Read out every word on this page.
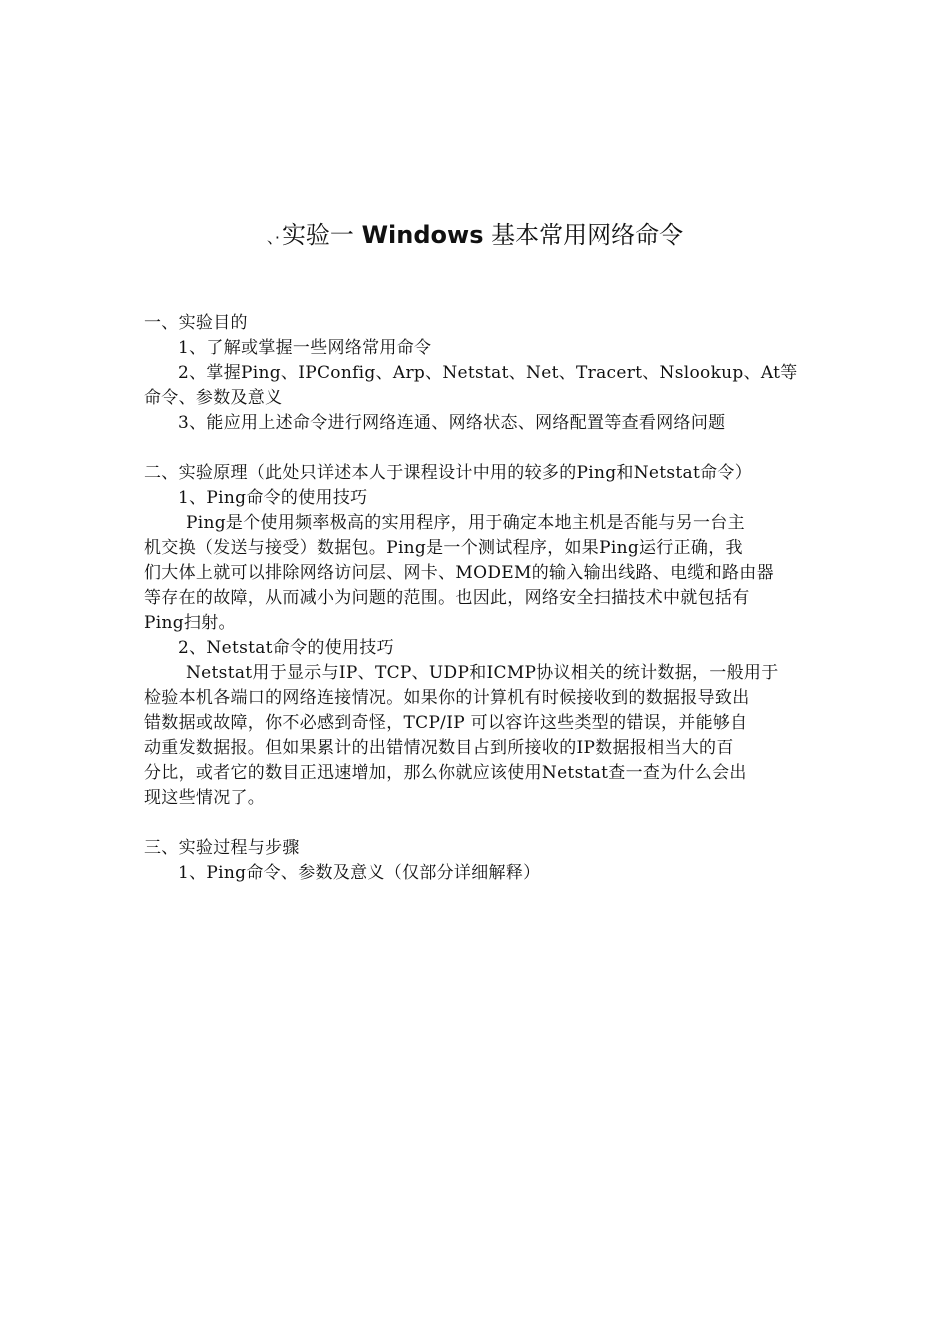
、·实验一 Windows 基本常用网络命令
一、实验目的
1、了解或掌握一些网络常用命令
2、掌握Ping、IPConfig、Arp、Netstat、Net、Tracert、Nslookup、At等
命令、参数及意义
3、能应用上述命令进行网络连通、网络状态、网络配置等查看网络问题
二、实验原理（此处只详述本人于课程设计中用的较多的Ping和Netstat命令）
1、Ping命令的使用技巧
Ping是个使用频率极高的实用程序，用于确定本地主机是否能与另一台主
机交换（发送与接受）数据包。Ping是一个测试程序，如果Ping运行正确，我
们大体上就可以排除网络访问层、网卡、MODEM的输入输出线路、电缆和路由器
等存在的故障，从而减小为问题的范围。也因此，网络安全扫描技术中就包括有
Ping扫射。
2、Netstat命令的使用技巧
Netstat用于显示与IP、TCP、UDP和ICMP协议相关的统计数据，一般用于
检验本机各端口的网络连接情况。如果你的计算机有时候接收到的数据报导致出
错数据或故障，你不必感到奇怪，TCP/IP 可以容许这些类型的错误，并能够自
动重发数据报。但如果累计的出错情况数目占到所接收的IP数据报相当大的百
分比，或者它的数目正迅速增加，那么你就应该使用Netstat查一查为什么会出
现这些情况了。
三、实验过程与步骤
1、Ping命令、参数及意义（仅部分详细解释）
